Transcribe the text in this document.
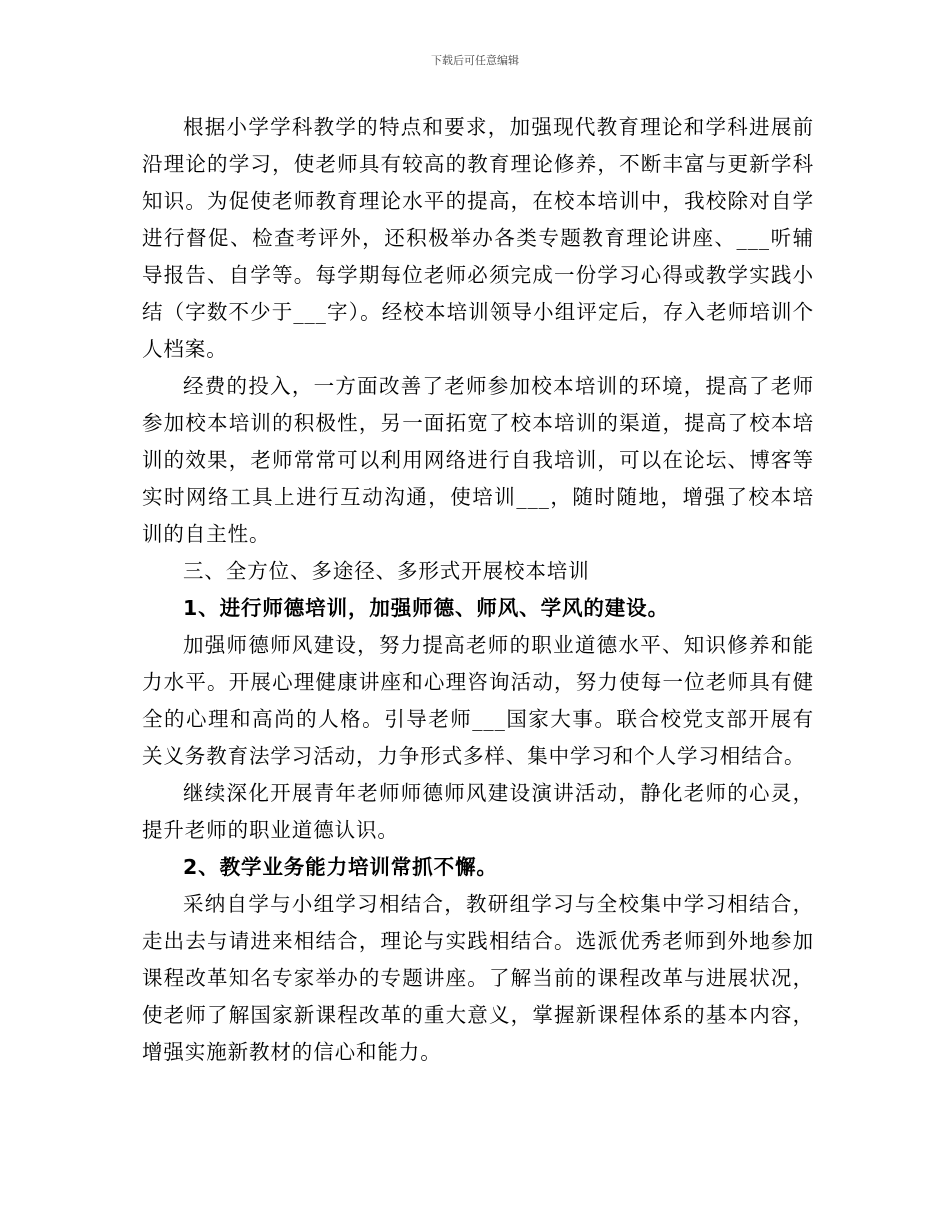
下载后可任意编辑

根据小学学科教学的特点和要求，加强现代教育理论和学科进展前沿理论的学习，使老师具有较高的教育理论修养，不断丰富与更新学科知识。为促使老师教育理论水平的提高，在校本培训中，我校除对自学进行督促、检查考评外，还积极举办各类专题教育理论讲座、___听辅导报告、自学等。每学期每位老师必须完成一份学习心得或教学实践小结（字数不少于___字）。经校本培训领导小组评定后，存入老师培训个人档案。

经费的投入，一方面改善了老师参加校本培训的环境，提高了老师参加校本培训的积极性，另一面拓宽了校本培训的渠道，提高了校本培训的效果，老师常常可以利用网络进行自我培训，可以在论坛、博客等实时网络工具上进行互动沟通，使培训___，随时随地，增强了校本培训的自主性。

三、全方位、多途径、多形式开展校本培训

1、进行师德培训，加强师德、师风、学风的建设。

加强师德师风建设，努力提高老师的职业道德水平、知识修养和能力水平。开展心理健康讲座和心理咨询活动，努力使每一位老师具有健全的心理和高尚的人格。引导老师___国家大事。联合校党支部开展有关义务教育法学习活动，力争形式多样、集中学习和个人学习相结合。

继续深化开展青年老师师德师风建设演讲活动，静化老师的心灵，提升老师的职业道德认识。

2、教学业务能力培训常抓不懈。

采纳自学与小组学习相结合，教研组学习与全校集中学习相结合，走出去与请进来相结合，理论与实践相结合。选派优秀老师到外地参加课程改革知名专家举办的专题讲座。了解当前的课程改革与进展状况，使老师了解国家新课程改革的重大意义，掌握新课程体系的基本内容，增强实施新教材的信心和能力。
